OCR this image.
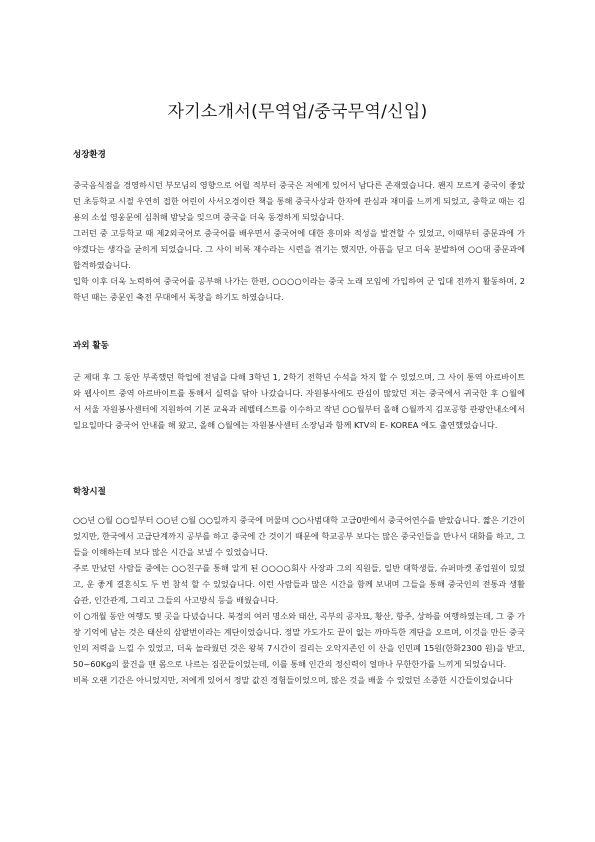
자기소개서(무역업/중국무역/신입)
성장환경

중국음식점을 경영하시던 부모님의 영향으로 어릴 적부터 중국은 저에게 있어서 남다른 존재였습니다. 왠지 모르게 중국이 좋았던 초등학교 시절 우연히 접한 어린이 사서오경이란 책을 통해 중국사상과 한자에 관심과 재미를 느끼게 되었고, 중학교 때는 김용의 소설 영웅문에 심취해 밤낮을 잊으며 중국을 더욱 동경하게 되었습니다.

그러던 중 고등학교 때 제2외국어로 중국어를 배우면서 중국어에 대한 흥미와 적성을 발견할 수 있었고, 이때부터 중문과에 가야겠다는 생각을 굳히게 되었습니다. 그 사이 비록 재수라는 시련을 겪기는 했지만, 아픔을 딛고 더욱 분발하여 ○○대 중문과에 합격하였습니다.

입학 이후 더욱 노력하여 중국어를 공부해 나가는 한편, ○○○○이라는 중국 노래 모임에 가입하여 군 입대 전까지 활동하며, 2학년 때는 중문인 축전 무대에서 독창을 하기도 하였습니다.

과외 활동

군 제대 후 그 동안 부족했던 학업에 전념을 다해 3학년 1, 2학기 전학년 수석을 차지 할 수 있었으며, 그 사이 통역 아르바이트와 웹사이트 중역 아르바이트를 통해서 실력을 닦아 나갔습니다. 자원봉사에도 관심이 많았던 저는 중국에서 귀국한 후 ○월에 서 서울 자원봉사센터에 지원하여 기본 교육과 레벨테스트를 이수하고 작년 ○○월부터 올해 ○월까지 김포공항 관광안내소에서 일요일마다 중국어 안내를 해 왔고, 올해 ○월에는 자원봉사센터 소장님과 함께 KTV의 E- KOREA 에도 출연했었습니다.

학창시절

○○년 ○월 ○○일부터 ○○년 ○월 ○○일까지 중국에 머물며 ○○사범대학 고급0반에서 중국어연수를 받았습니다. 짧은 기간이었지만, 한국에서 고급단계까지 공부를 하고 중국에 간 것이기 때문에 학교공부 보다는 많은 중국인들을 만나서 대화를 하고, 그들을 이해하는데 보다 많은 시간을 보낼 수 있었습니다.

주로 만났던 사람들 중에는 ○○친구를 통해 알게 된 ○○○○회사 사장과 그의 직원들, 일반 대학생들, 슈퍼마켓 종업원이 있었고, 운 좋게 결혼식도 두 번 참석 할 수 있었습니다. 이런 사람들과 많은 시간을 함께 보내며 그들을 통해 중국인의 전통과 생활 습관, 인간관계, 그리고 그들의 사고방식 등을 배웠습니다.

이 ○개월 동안 여행도 몇 곳을 다녔습니다. 북경의 여러 명소와 태산, 곡부의 공자묘, 황산, 항주, 상하를 여행하였는데, 그 중 가장 기억에 남는 것은 태산의 삼팔번이라는 계단이었습니다. 정말 가도가도 끝이 없는 까마득한 계단을 오르며, 이것을 만든 중국인의 저력을 느낄 수 있었고, 더욱 놀라웠던 것은 왕복 7시간이 걸리는 오악지존인 이 산을 인민폐 15원(한화2300 원)을 받고, 50~60Kg의 물건을 맨 몸으로 나르는 짐꾼들이었는데, 이를 통해 인간의 정신력이 얼마나 무한한가를 느끼게 되었습니다.

비록 오랜 기간은 아니었지만, 저에게 있어서 정말 값진 경험들이었으며, 많은 것을 배울 수 있었던 소중한 시간들이었습니다
